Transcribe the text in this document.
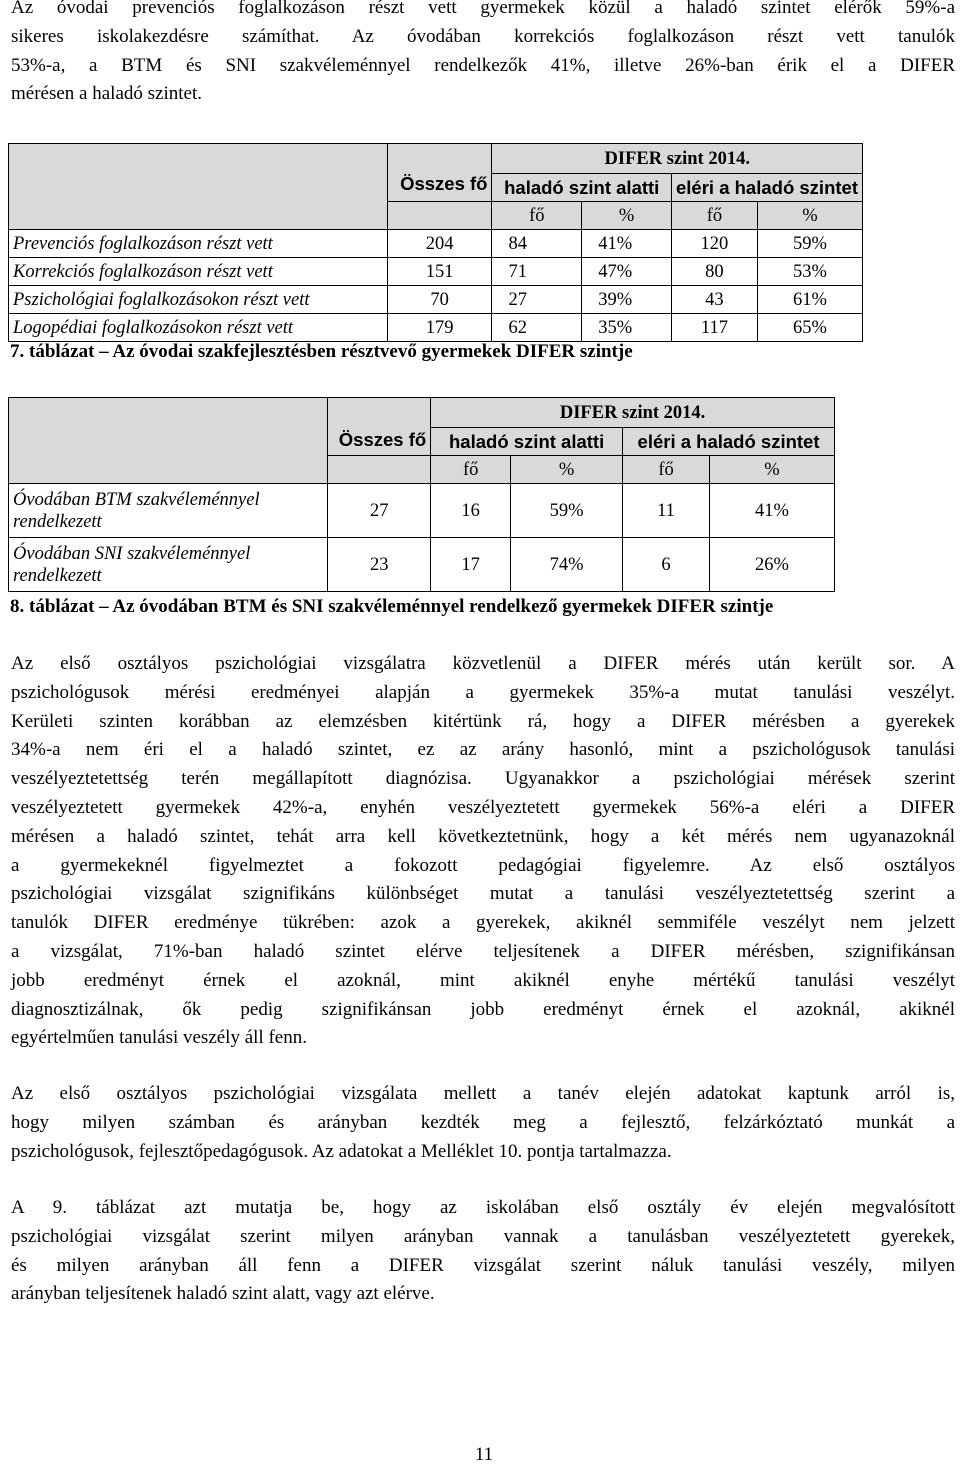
Az óvodai prevenciós foglalkozáson részt vett gyermekek közül a haladó szintet elérők 59%-a
sikeres iskolakezdésre számíthat. Az óvodában korrekciós foglalkozáson részt vett tanulók
53%-a, a BTM és SNI szakvéleménnyel rendelkezők 41%, illetve 26%-ban érik el a DIFER
mérésen a haladó szintet.
	Összes fő	DIFER szint 2014.			
		haladó szint alatti		eléri a haladó szintet	
		fő	%	fő	%
Prevenciós foglalkozáson részt vett	204	84	41%	120	59%
Korrekciós foglalkozáson részt vett	151	71	47%	80	53%
Pszichológiai foglalkozásokon részt vett	70	27	39%	43	61%
Logopédiai foglalkozásokon részt vett	179	62	35%	117	65%
7. táblázat – Az óvodai szakfejlesztésben résztvevő gyermekek DIFER szintje
	Összes fő	DIFER szint 2014.			
		haladó szint alatti		eléri a haladó szintet	
		fő	%	fő	%
Óvodában BTM szakvéleménnyel rendelkezett	27	16	59%	11	41%
Óvodában SNI szakvéleménnyel rendelkezett	23	17	74%	6	26%
8. táblázat – Az óvodában BTM és SNI szakvéleménnyel rendelkező gyermekek DIFER szintje
Az első osztályos pszichológiai vizsgálatra közvetlenül a DIFER mérés után került sor. A
pszichológusok mérési eredményei alapján a gyermekek 35%-a mutat tanulási veszélyt.
Kerületi szinten korábban az elemzésben kitértünk rá, hogy a DIFER mérésben a gyerekek
34%-a nem éri el a haladó szintet, ez az arány hasonló, mint a pszichológusok tanulási
veszélyeztetettség terén megállapított diagnózisa. Ugyanakkor a pszichológiai mérések szerint
veszélyeztetett gyermekek 42%-a, enyhén veszélyeztetett gyermekek 56%-a eléri a DIFER
mérésen a haladó szintet, tehát arra kell következtetnünk, hogy a két mérés nem ugyanazoknál
a gyermekeknél figyelmeztet a fokozott pedagógiai figyelemre. Az első osztályos
pszichológiai vizsgálat szignifikáns különbséget mutat a tanulási veszélyeztetettség szerint a
tanulók DIFER eredménye tükrében: azok a gyerekek, akiknél semmiféle veszélyt nem jelzett
a vizsgálat, 71%-ban haladó szintet elérve teljesítenek a DIFER mérésben, szignifikánsan
jobb eredményt érnek el azoknál, mint akiknél enyhe mértékű tanulási veszélyt
diagnosztizálnak, ők pedig szignifikánsan jobb eredményt érnek el azoknál, akiknél
egyértelműen tanulási veszély áll fenn.
Az első osztályos pszichológiai vizsgálata mellett a tanév elején adatokat kaptunk arról is,
hogy milyen számban és arányban kezdték meg a fejlesztő, felzárkóztató munkát a
pszichológusok, fejlesztőpedagógusok. Az adatokat a Melléklet 10. pontja tartalmazza.
A 9. táblázat azt mutatja be, hogy az iskolában első osztály év elején megvalósított
pszichológiai vizsgálat szerint milyen arányban vannak a tanulásban veszélyeztetett gyerekek,
és milyen arányban áll fenn a DIFER vizsgálat szerint náluk tanulási veszély, milyen
arányban teljesítenek haladó szint alatt, vagy azt elérve.
11
